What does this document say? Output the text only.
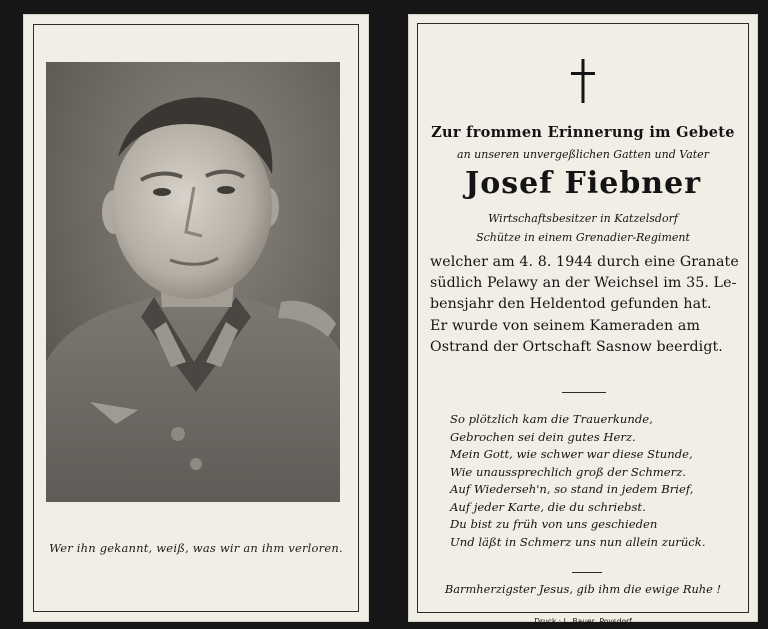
Wer ihn gekannt, weiß, was wir an ihm verloren.
Zur frommen Erinnerung im Gebete
an unseren unvergeßlichen Gatten und Vater
Josef Fiebner
Wirtschaftsbesitzer in Katzelsdorf
Schütze in einem Grenadier-Regiment
welcher am 4. 8. 1944 durch eine Granate
südlich Pelawy an der Weichsel im 35. Le-
bensjahr den Heldentod gefunden hat.
Er wurde von seinem Kameraden am
Ostrand der Ortschaft Sasnow beerdigt.
So plötzlich kam die Trauerkunde,
Gebrochen sei dein gutes Herz.
Mein Gott, wie schwer war diese Stunde,
Wie unaussprechlich groß der Schmerz.
Auf Wiederseh'n, so stand in jedem Brief,
Auf jeder Karte, die du schriebst.
Du bist zu früh von uns geschieden
Und läßt in Schmerz uns nun allein zurück.
Barmherzigster Jesus, gib ihm die ewige Ruhe !
Druck : L. Bauer, Poysdorf
